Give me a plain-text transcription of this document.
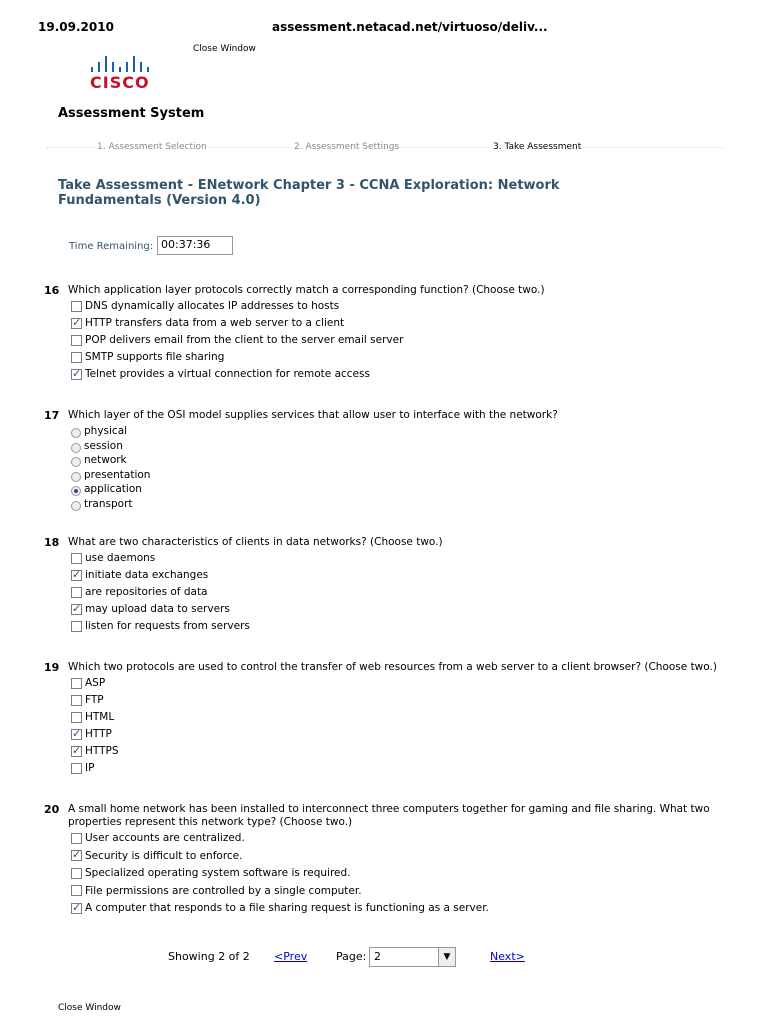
19.09.2010	assessment.netacad.net/virtuoso/deliv...
Close Window
CISCO
Assessment System
1. Assessment Selection	2. Assessment Settings	3. Take Assessment
Take Assessment - ENetwork Chapter 3 - CCNA Exploration: Network Fundamentals (Version 4.0)
Time Remaining: 00:37:36
16 Which application layer protocols correctly match a corresponding function? (Choose two.)
DNS dynamically allocates IP addresses to hosts
✓
HTTP transfers data from a web server to a client
POP delivers email from the client to the server email server
SMTP supports file sharing
✓
Telnet provides a virtual connection for remote access
17 Which layer of the OSI model supplies services that allow user to interface with the network?
physical
session
network
presentation
application
transport
18 What are two characteristics of clients in data networks? (Choose two.)
use daemons
✓
initiate data exchanges
are repositories of data
✓
may upload data to servers
listen for requests from servers
19 Which two protocols are used to control the transfer of web resources from a web server to a client browser? (Choose two.)
ASP
FTP
HTML
✓
HTTP
✓
HTTPS
IP
20 A small home network has been installed to interconnect three computers together for gaming and file sharing. What two properties represent this network type? (Choose two.)
User accounts are centralized.
✓
Security is difficult to enforce.
Specialized operating system software is required.
File permissions are controlled by a single computer.
✓
A computer that responds to a file sharing request is functioning as a server.
Showing 2 of 2 <Prev	Page: 2	▼	Next>
Close Window
